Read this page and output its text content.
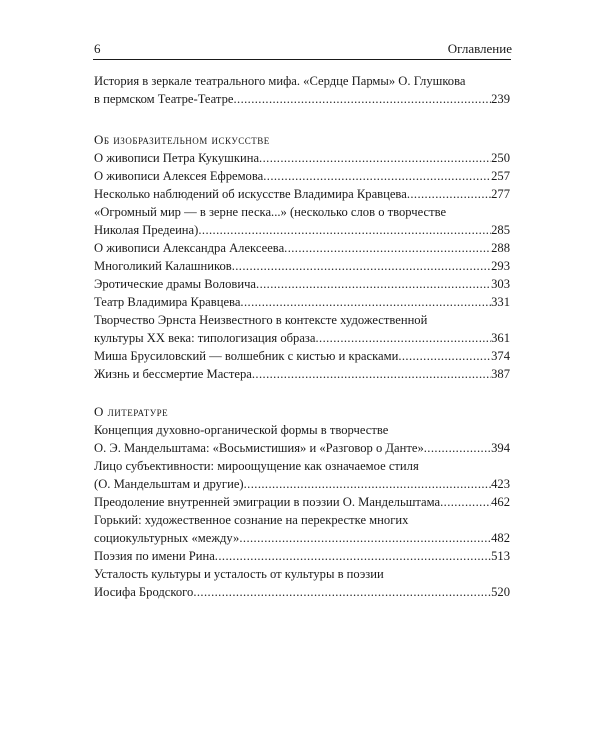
6	Оглавление
История в зеркале театрального мифа. «Сердце Пармы» О. Глушкова
в пермском Театре-Театре .....	239
Об изобразительном искусстве
О живописи Петра Кукушкина .....	250
О живописи Алексея Ефремова .....	257
Несколько наблюдений об искусстве Владимира Кравцева .....	277
«Огромный мир — в зерне песка...» (несколько слов о творчестве
Николая Предеина) .....	285
О живописи Александра Алексеева .....	288
Многоликий Калашников .....	293
Эротические драмы Воловича .....	303
Театр Владимира Кравцева .....	331
Творчество Эрнста Неизвестного в контексте художественной
культуры XX века: типологизация образа .....	361
Миша Брусиловский — волшебник с кистью и красками .....	374
Жизнь и бессмертие Мастера .....	387
О литературе
Концепция духовно-органической формы в творчестве
О. Э. Мандельштама: «Восьмистишия» и «Разговор о Данте» .....	394
Лицо субъективности: мироощущение как означаемое стиля
(О. Мандельштам и другие) .....	423
Преодоление внутренней эмиграции в поэзии О. Мандельштама .....	462
Горький: художественное сознание на перекрестке многих
социокультурных «между» .....	482
Поэзия по имени Рина .....	513
Усталость культуры и усталость от культуры в поэзии
Иосифа Бродского .....	520
